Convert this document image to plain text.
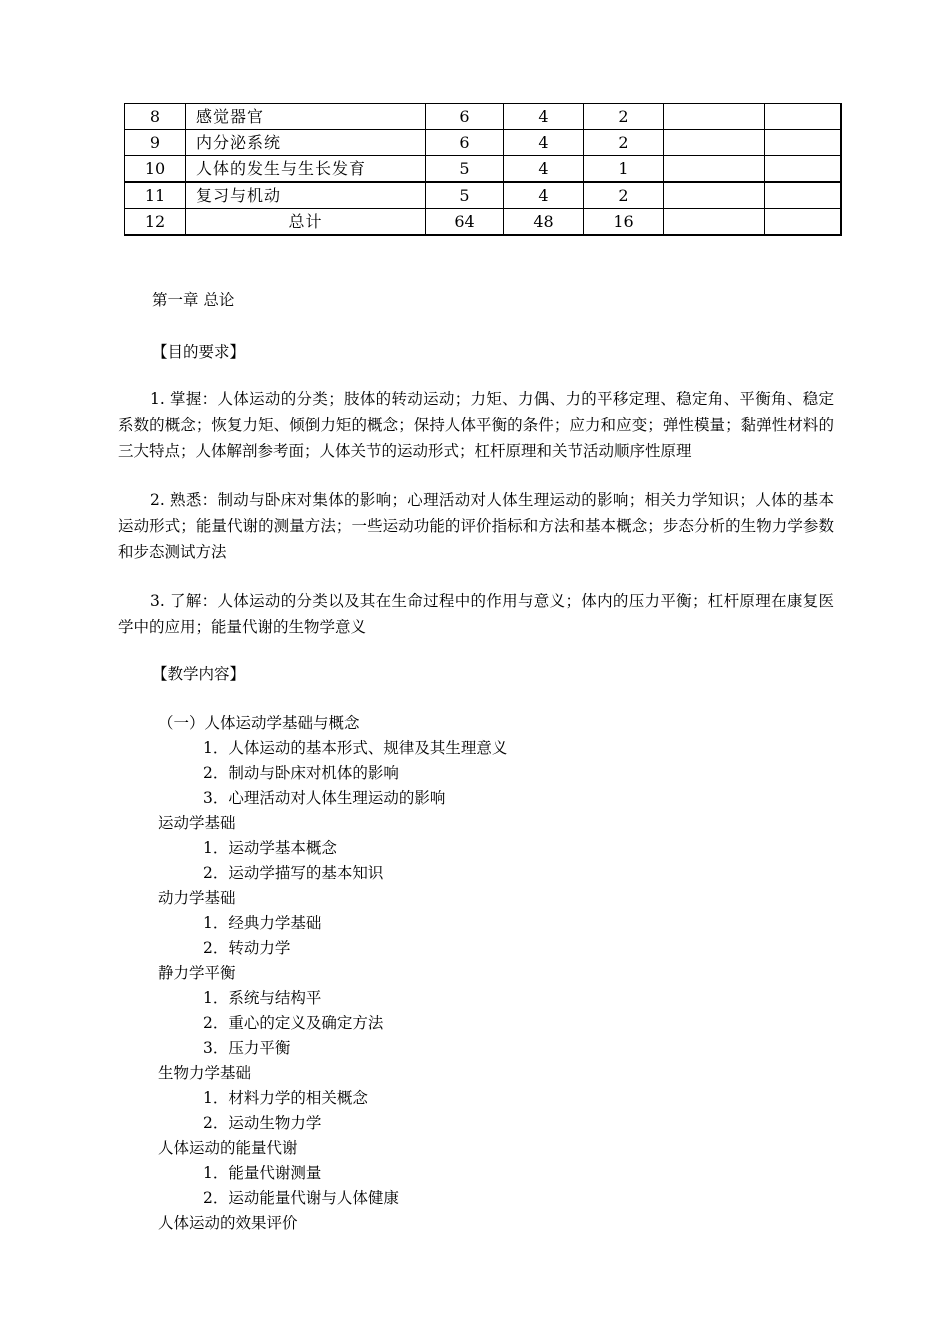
8	感觉器官	6	4	2		
9	内分泌系统	6	4	2		
10	人体的发生与生长发育	5	4	1		
11	复习与机动	5	4	2		
12	总计	64	48	16		
第一章 总论
【目的要求】
1. 掌握：人体运动的分类；肢体的转动运动；力矩、力偶、力的平移定理、稳定角、平衡角、稳定系数的概念；恢复力矩、倾倒力矩的概念；保持人体平衡的条件；应力和应变；弹性模量；黏弹性材料的三大特点；人体解剖参考面；人体关节的运动形式；杠杆原理和关节活动顺序性原理
2. 熟悉：制动与卧床对集体的影响；心理活动对人体生理运动的影响；相关力学知识；人体的基本运动形式；能量代谢的测量方法；一些运动功能的评价指标和方法和基本概念；步态分析的生物力学参数和步态测试方法
3. 了解：人体运动的分类以及其在生命过程中的作用与意义；体内的压力平衡；杠杆原理在康复医学中的应用；能量代谢的生物学意义
【教学内容】
（一）人体运动学基础与概念
1．人体运动的基本形式、规律及其生理意义
2．制动与卧床对机体的影响
3．心理活动对人体生理运动的影响
运动学基础
1．运动学基本概念
2．运动学描写的基本知识
动力学基础
1．经典力学基础
2．转动力学
静力学平衡
1．系统与结构平
2．重心的定义及确定方法
3．压力平衡
生物力学基础
1．材料力学的相关概念
2．运动生物力学
人体运动的能量代谢
1．能量代谢测量
2．运动能量代谢与人体健康
人体运动的效果评价
